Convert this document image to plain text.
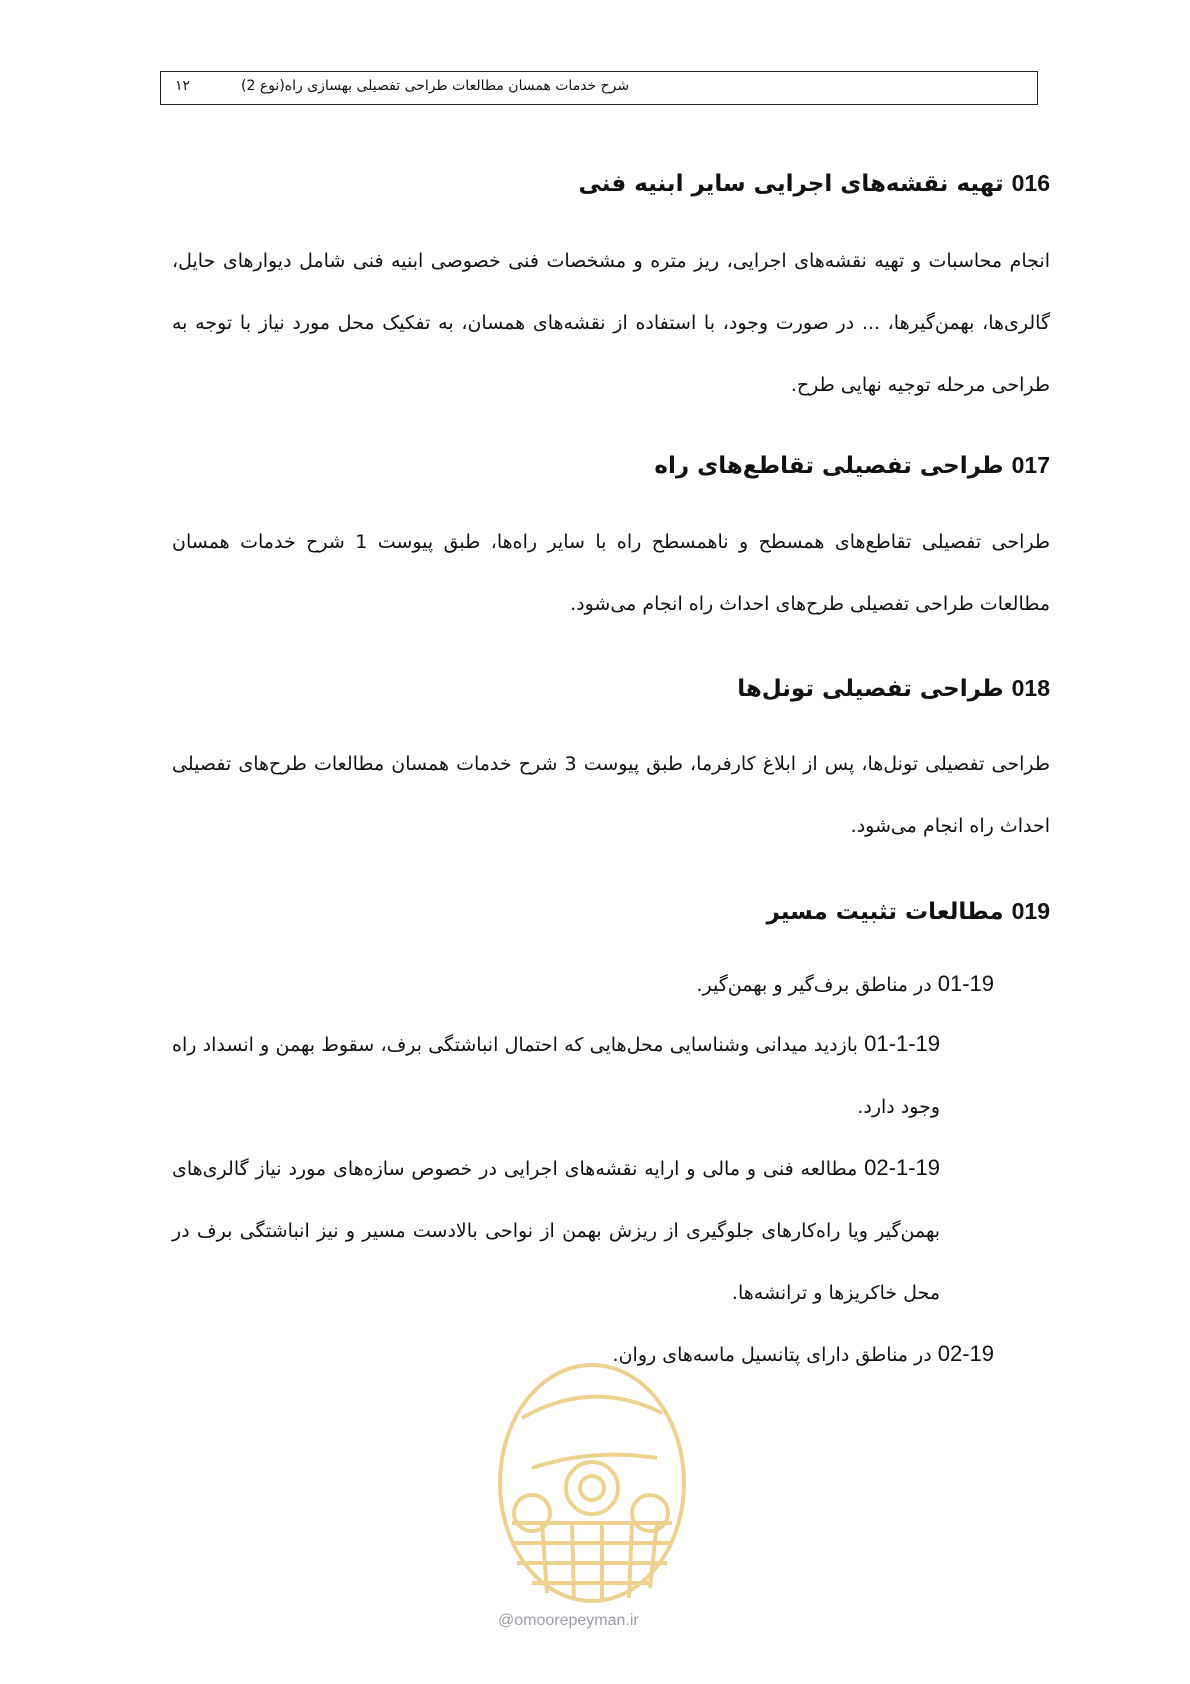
شرح خدمات همسان مطالعات طراحی تفصیلی بهسازی راه(نوع 2)
۱۲
016 تهیه نقشه‌های اجرایی سایر ابنیه فنی
انجام محاسبات و تهیه نقشه‌های اجرایی، ریز متره و مشخصات فنی خصوصی ابنیه فنی شامل دیوارهای حایل، گالری‌ها، بهمن‌گیرها، ... در صورت وجود، با استفاده از نقشه‌های همسان، به تفکیک محل مورد نیاز با توجه به طراحی مرحله توجیه نهایی طرح.
017 طراحی تفصیلی تقاطع‌های راه
طراحی تفصیلی تقاطع‌های همسطح و ناهمسطح راه با سایر راه‌ها، طبق پیوست 1 شرح خدمات همسان مطالعات طراحی تفصیلی طرح‌های احداث راه انجام می‌شود.
018 طراحی تفصیلی تونل‌ها
طراحی تفصیلی تونل‌ها، پس از ابلاغ کارفرما، طبق پیوست 3 شرح خدمات همسان مطالعات طرح‌های تفصیلی احداث راه انجام می‌شود.
019 مطالعات تثبیت مسیر
01-19 در مناطق برف‌گیر و بهمن‌گیر.
01-1-19 بازدید میدانی وشناسایی محل‌هایی که احتمال انباشتگی برف، سقوط بهمن و انسداد راه وجود دارد.
02-1-19 مطالعه فنی و مالی و ارایه نقشه‌های اجرایی در خصوص سازه‌های مورد نیاز گالری‌های بهمن‌گیر ویا راه‌کارهای جلوگیری از ریزش بهمن از نواحی بالادست مسیر و نیز انباشتگی برف در محل خاکریزها و ترانشه‌ها.
02-19 در مناطق دارای پتانسیل ماسه‌های روان.
@omoorepeyman.ir
